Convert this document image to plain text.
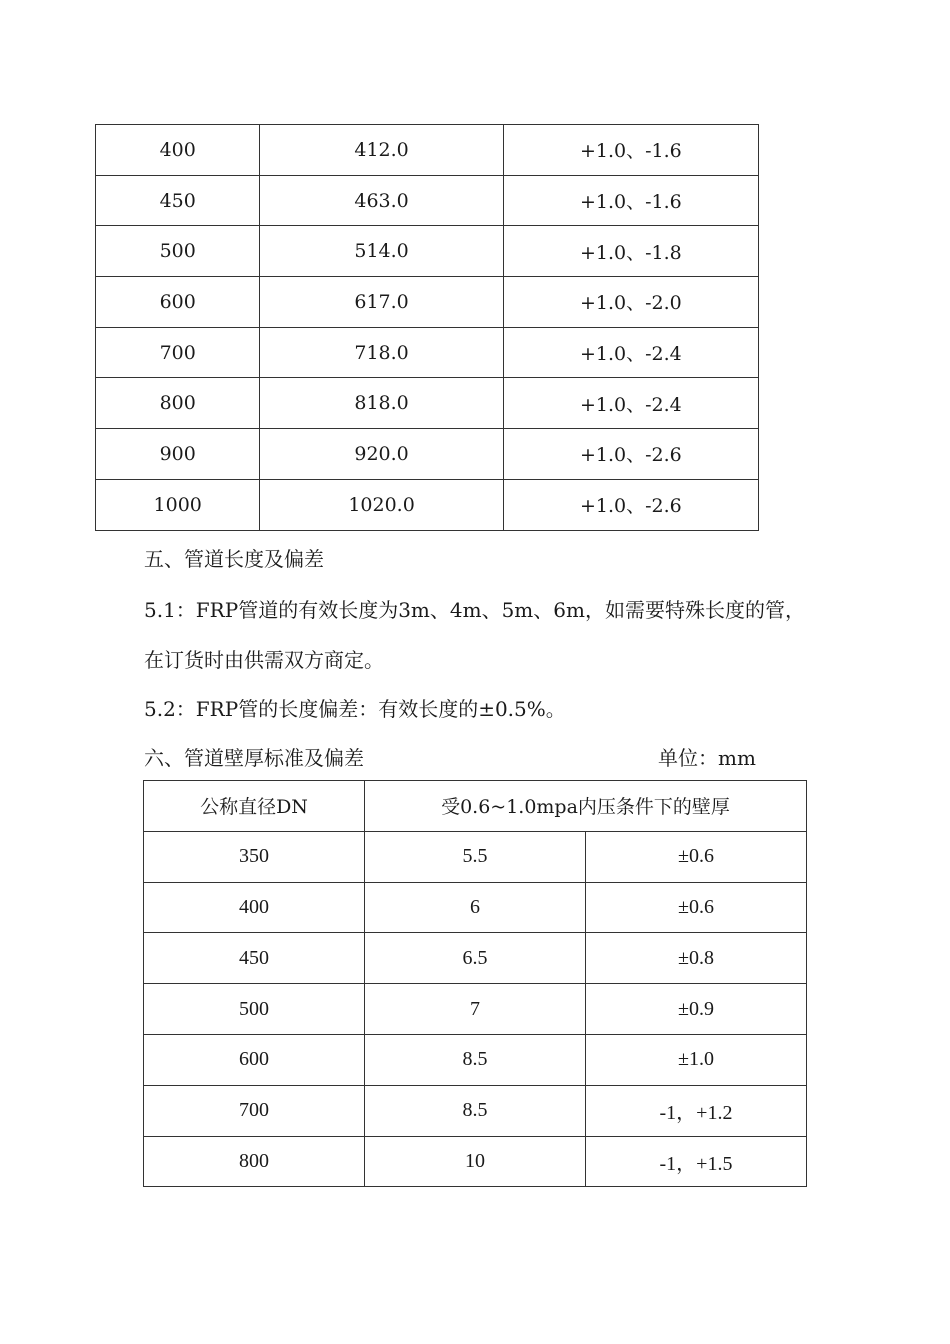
400	412.0	+1.0、-1.6
450	463.0	+1.0、-1.6
500	514.0	+1.0、-1.8
600	617.0	+1.0、-2.0
700	718.0	+1.0、-2.4
800	818.0	+1.0、-2.4
900	920.0	+1.0、-2.6
1000	1020.0	+1.0、-2.6
五、管道长度及偏差
5.1：FRP管道的有效长度为3m、4m、5m、6m，如需要特殊长度的管，
在订货时由供需双方商定。
5.2：FRP管的长度偏差：有效长度的±0.5%。
六、管道壁厚标准及偏差	单位：mm
公称直径DN	受0.6~1.0mpa内压条件下的壁厚	
350	5.5	±0.6
400	6	±0.6
450	6.5	±0.8
500	7	±0.9
600	8.5	±1.0
700	8.5	-1，+1.2
800	10	-1，+1.5
